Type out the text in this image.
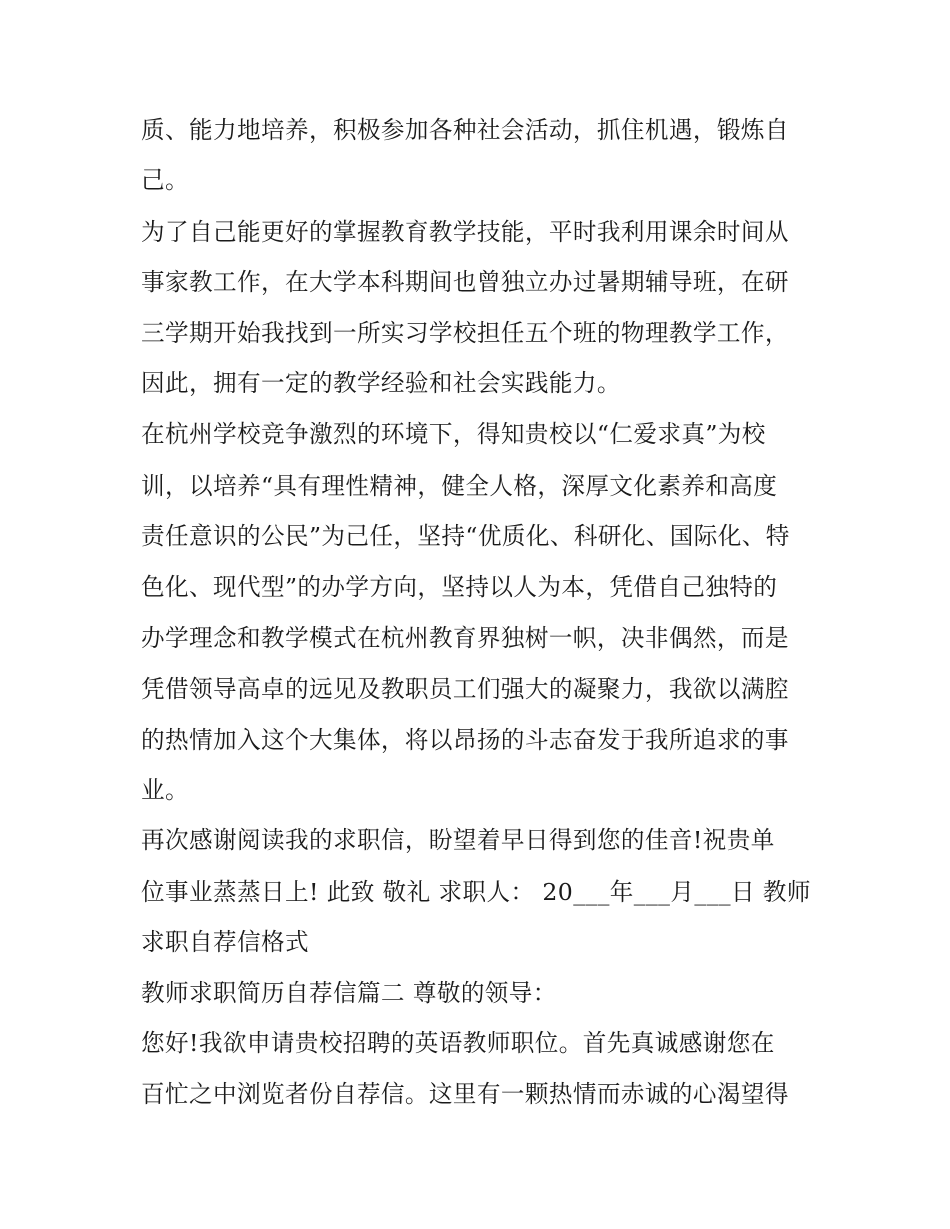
质、能力地培养，积极参加各种社会活动，抓住机遇，锻炼自
己。
为了自己能更好的掌握教育教学技能，平时我利用课余时间从
事家教工作，在大学本科期间也曾独立办过暑期辅导班，在研
三学期开始我找到一所实习学校担任五个班的物理教学工作，
因此，拥有一定的教学经验和社会实践能力。
在杭州学校竞争激烈的环境下，得知贵校以“仁爱求真”为校
训，以培养“具有理性精神，健全人格，深厚文化素养和高度
责任意识的公民”为己任，坚持“优质化、科研化、国际化、特
色化、现代型”的办学方向，坚持以人为本，凭借自己独特的
办学理念和教学模式在杭州教育界独树一帜，决非偶然，而是
凭借领导高卓的远见及教职员工们强大的凝聚力，我欲以满腔
的热情加入这个大集体，将以昂扬的斗志奋发于我所追求的事
业。
再次感谢阅读我的求职信，盼望着早日得到您的佳音!祝贵单
位事业蒸蒸日上! 此致 敬礼 求职人： 20___年___月___日 教师
求职自荐信格式
教师求职简历自荐信篇二 尊敬的领导：
您好!我欲申请贵校招聘的英语教师职位。首先真诚感谢您在
百忙之中浏览者份自荐信。这里有一颗热情而赤诚的心渴望得
